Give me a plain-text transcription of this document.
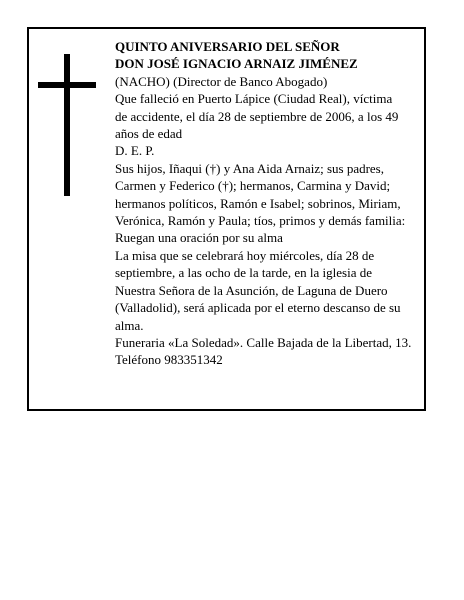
QUINTO ANIVERSARIO DEL SEÑOR
DON JOSÉ IGNACIO ARNAIZ JIMÉNEZ
(NACHO) (Director de Banco Abogado)
Que falleció en Puerto Lápice (Ciudad Real), víctima
de accidente, el día 28 de septiembre de 2006, a los 49
años de edad
D. E. P.
Sus hijos, Iñaqui (†) y Ana Aida Arnaiz; sus padres,
Carmen y Federico (†); hermanos, Carmina y David;
hermanos políticos, Ramón e Isabel; sobrinos, Miriam,
Verónica, Ramón y Paula; tíos, primos y demás familia:
Ruegan una oración por su alma
La misa que se celebrará hoy miércoles, día 28 de
septiembre, a las ocho de la tarde, en la iglesia de
Nuestra Señora de la Asunción, de Laguna de Duero
(Valladolid), será aplicada por el eterno descanso de su
alma.
Funeraria «La Soledad». Calle Bajada de la Libertad, 13.
Teléfono 983351342
